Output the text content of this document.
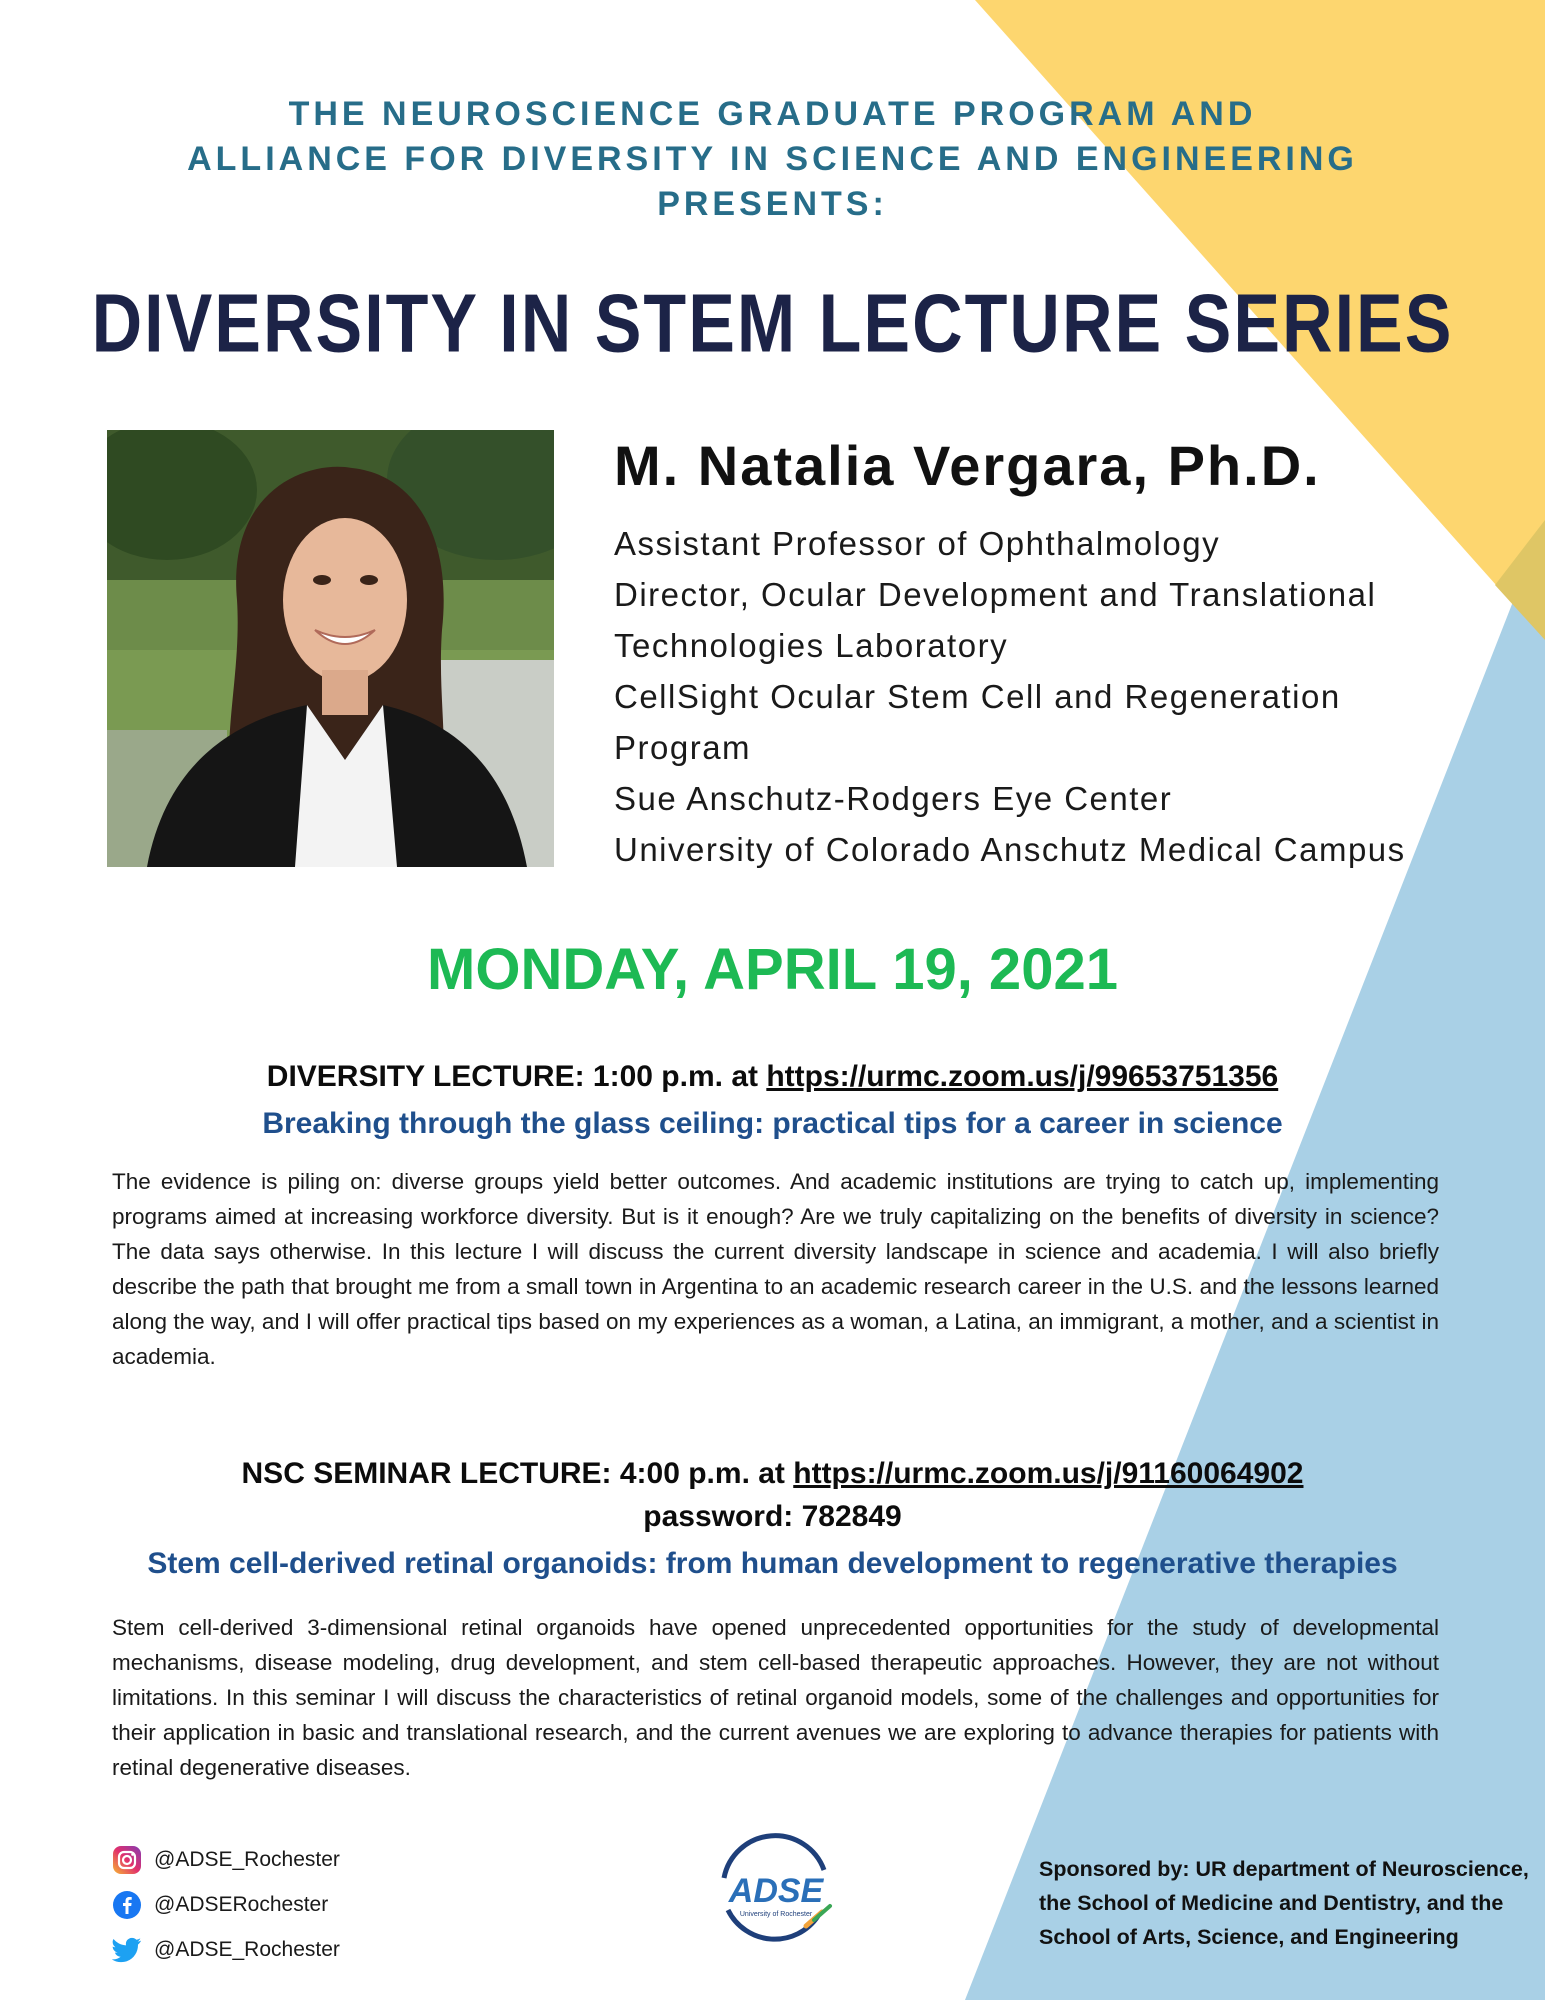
THE NEUROSCIENCE GRADUATE PROGRAM AND
ALLIANCE FOR DIVERSITY IN SCIENCE AND ENGINEERING
PRESENTS:
DIVERSITY IN STEM LECTURE SERIES
M. Natalia Vergara, Ph.D.
Assistant Professor of Ophthalmology
Director, Ocular Development and Translational
Technologies Laboratory
CellSight Ocular Stem Cell and Regeneration
Program
Sue Anschutz-Rodgers Eye Center
University of Colorado Anschutz Medical Campus
MONDAY, APRIL 19, 2021
DIVERSITY LECTURE: 1:00 p.m. at https://urmc.zoom.us/j/99653751356
Breaking through the glass ceiling: practical tips for a career in science
The evidence is piling on: diverse groups yield better outcomes. And academic institutions are trying to catch up, implementing programs aimed at increasing workforce diversity. But is it enough? Are we truly capitalizing on the benefits of diversity in science? The data says otherwise. In this lecture I will discuss the current diversity landscape in science and academia. I will also briefly describe the path that brought me from a small town in Argentina to an academic research career in the U.S. and the lessons learned along the way, and I will offer practical tips based on my experiences as a woman, a Latina, an immigrant, a mother, and a scientist in academia.
NSC SEMINAR LECTURE: 4:00 p.m. at https://urmc.zoom.us/j/91160064902
password: 782849
Stem cell-derived retinal organoids: from human development to regenerative therapies
Stem cell-derived 3-dimensional retinal organoids have opened unprecedented opportunities for the study of developmental mechanisms, disease modeling, drug development, and stem cell-based therapeutic approaches. However, they are not without limitations. In this seminar I will discuss the characteristics of retinal organoid models, some of the challenges and opportunities for their application in basic and translational research, and the current avenues we are exploring to advance therapies for patients with retinal degenerative diseases.
@ADSE_Rochester
@ADSERochester
@ADSE_Rochester
ADSE
University of Rochester
Sponsored by: UR department of Neuroscience,
the School of Medicine and Dentistry, and the
School of Arts, Science, and Engineering
